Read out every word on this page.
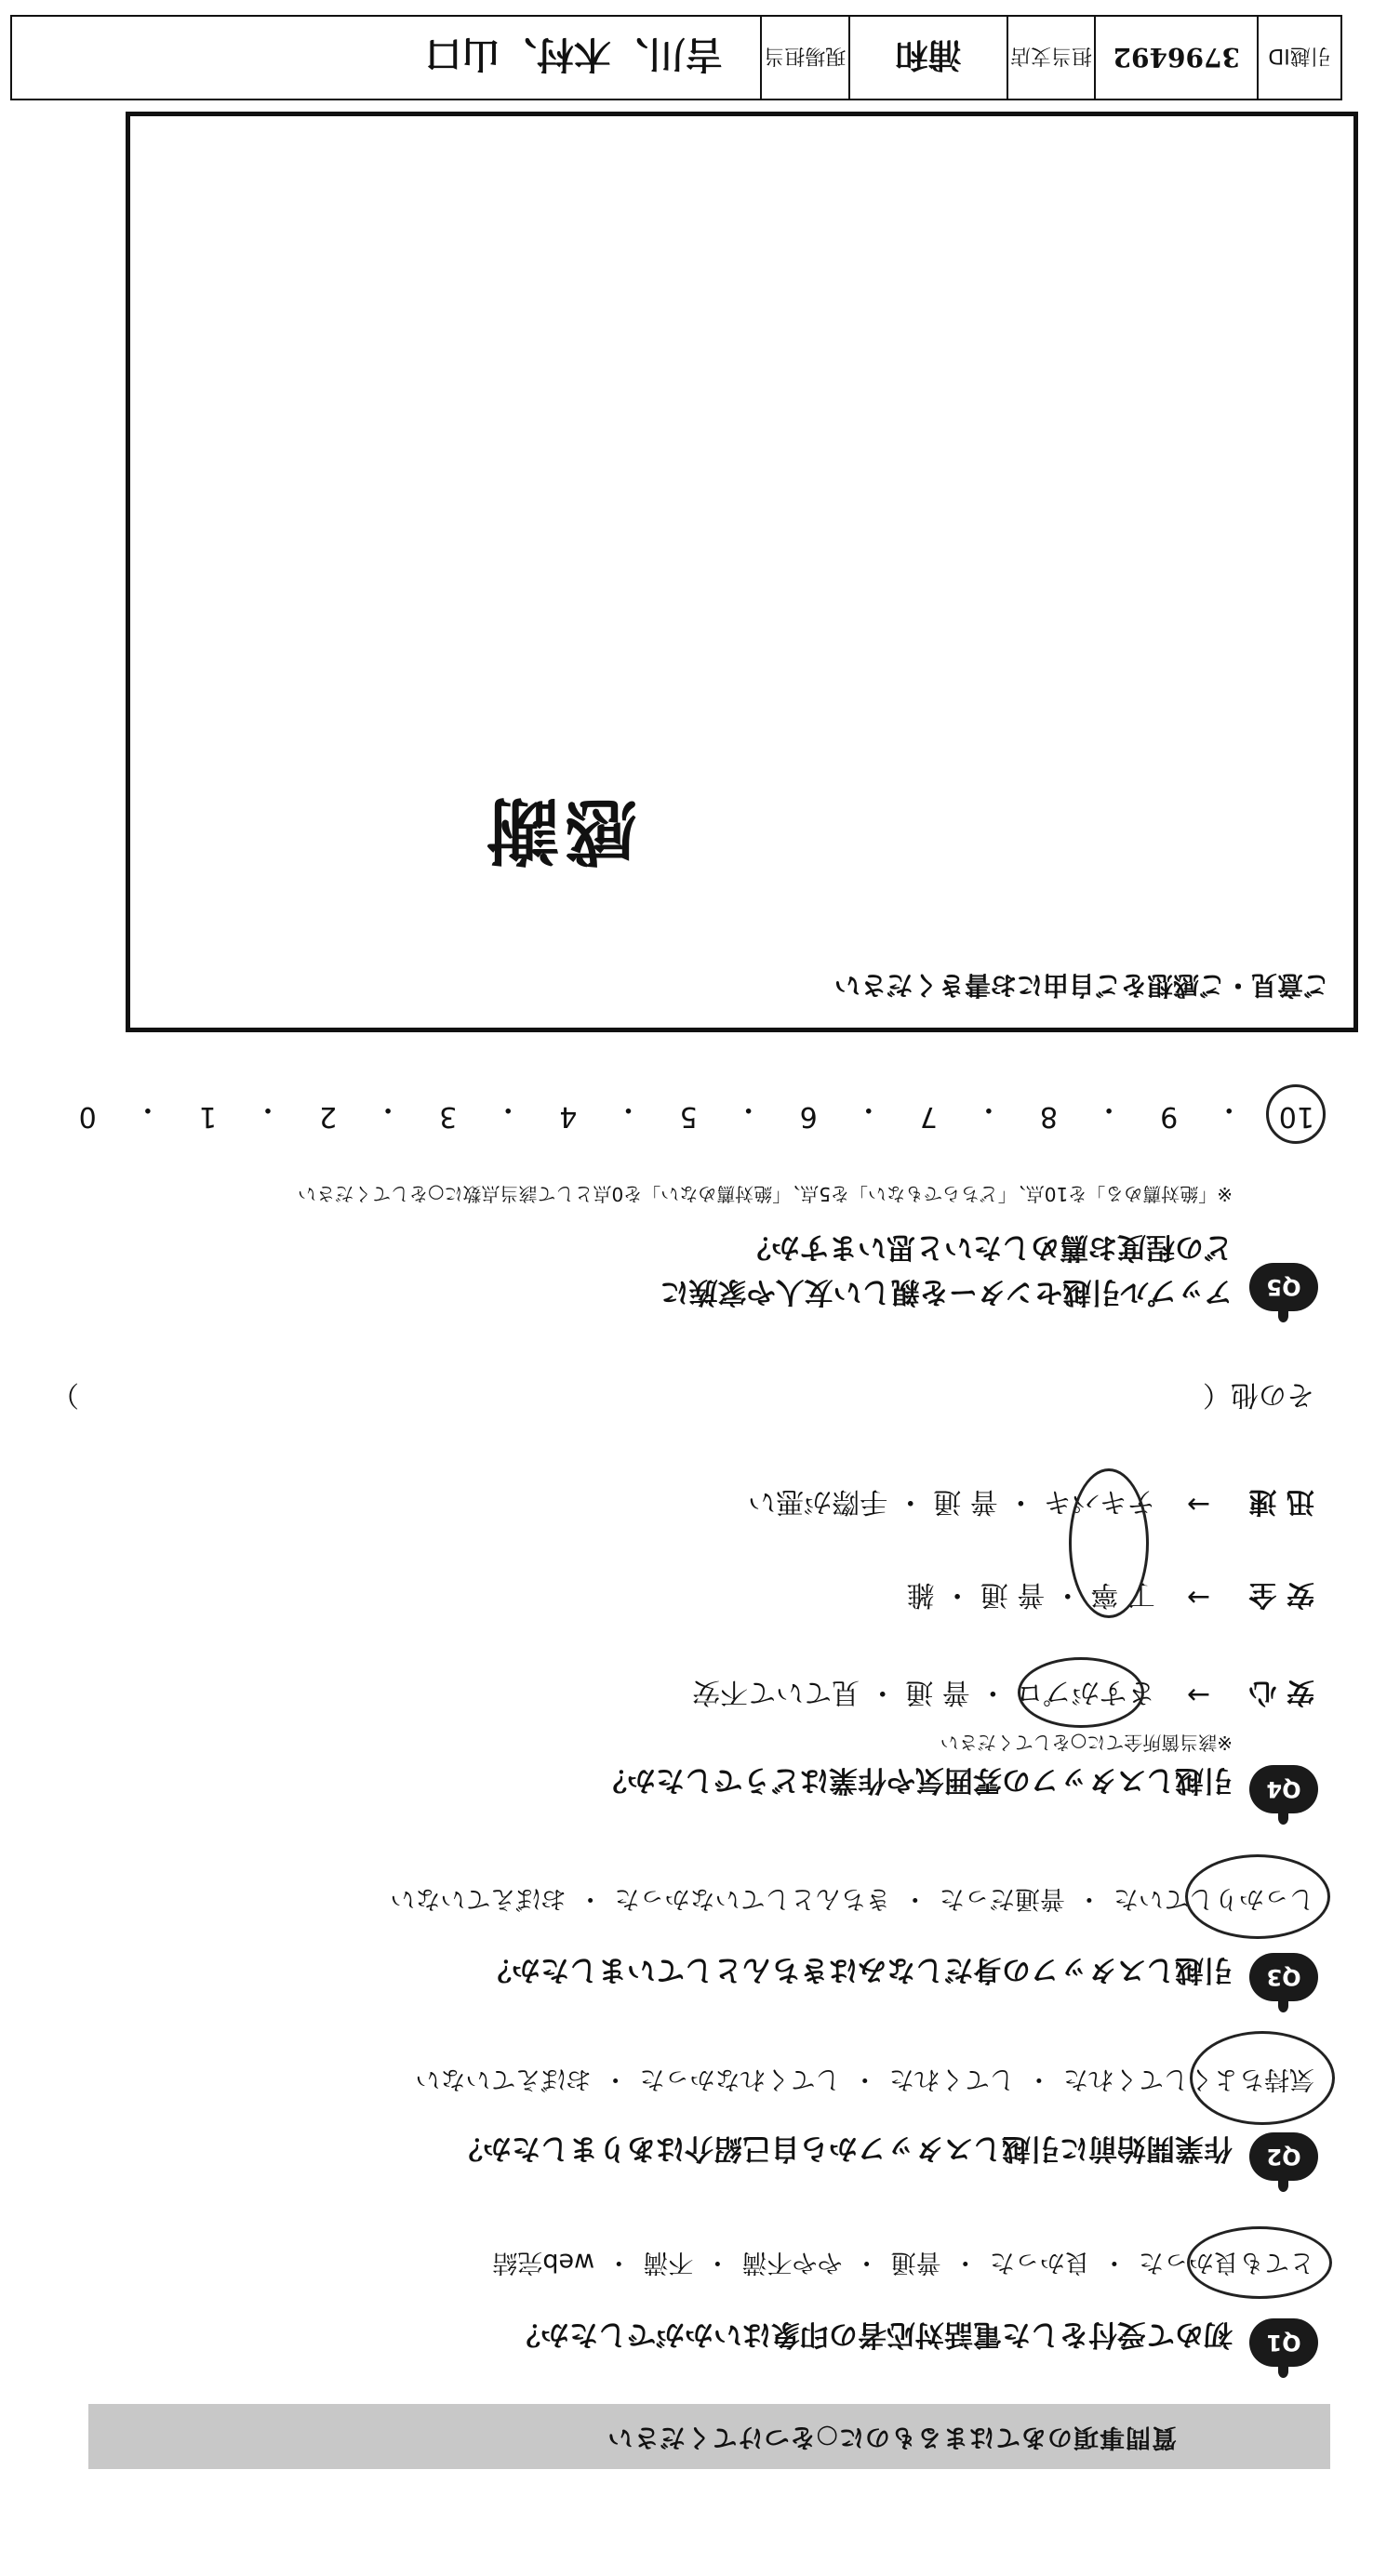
質問事項のあてはまるものに○をつけてください
Q1
初めて受付をした電話対応者の印象はいかがでしたか？
とても良かった ・ 良かった ・ 普通 ・ やや不満 ・ 不満 ・ web完結
Q2
作業開始前に引越しスタッフから自己紹介はありましたか？
気持ちよくしてくれた ・ してくれた ・ してくれなかった ・ おぼえていない
Q3
引越しスタッフの身だしなみはきちんとしていましたか？
しっかりしていた ・ 普通だった ・ きちんとしていなかった ・ おぼえていない
Q4
引越しスタッフの雰囲気や作業はどうでしたか？
※該当箇所全てに○をしてください
安 心
→
さすがプロ ・ 普 通 ・ 見ていて不安
安 全
→
丁 寧 ・ 普 通 ・ 雑
迅 速
→
テキパキ ・ 普 通 ・ 手際が悪い
その他（
）
Q5
アップル引越センターを親しい友人や家族に
どの程度お薦めしたいと思いますか？
※「絶対薦める」を10点、「どちらでもない」を5点、「絶対薦めない」を0点として該当点数に○をしてください
10
・
9
・
8
・
7
・
6
・
5
・
4
・
3
・
2
・
1
・
0
ご意見・ご感想をご自由にお書きください
感謝
引越ID
3796492
担当支店
浦和
現場担当
吉川、木村、山口
